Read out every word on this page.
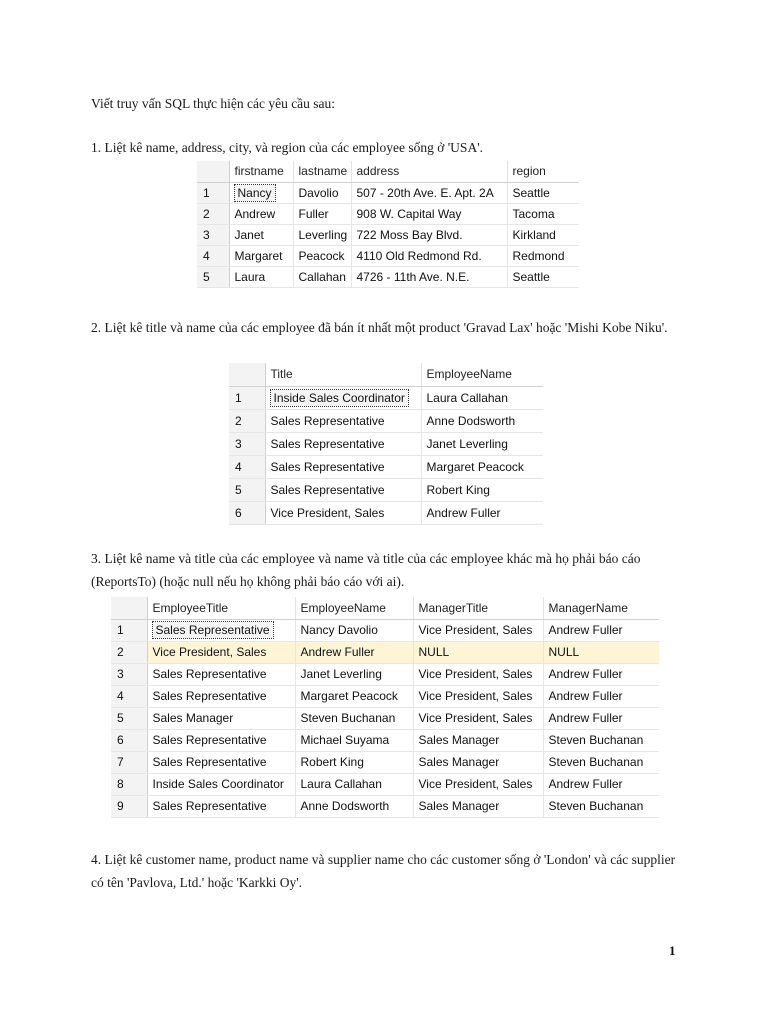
Viết truy vấn SQL thực hiện các yêu cầu sau:
1. Liệt kê name, address, city, và region của các employee sống ở 'USA'.
	firstname	lastname	address	region
1	Nancy	Davolio	507 - 20th Ave. E. Apt. 2A	Seattle
2	Andrew	Fuller	908 W. Capital Way	Tacoma
3	Janet	Leverling	722 Moss Bay Blvd.	Kirkland
4	Margaret	Peacock	4110 Old Redmond Rd.	Redmond
5	Laura	Callahan	4726 - 11th Ave. N.E.	Seattle
2. Liệt kê title và name của các employee đã bán ít nhất một product 'Gravad Lax' hoặc 'Mishi Kobe Niku'.
	Title	EmployeeName
1	Inside Sales Coordinator	Laura Callahan
2	Sales Representative	Anne Dodsworth
3	Sales Representative	Janet Leverling
4	Sales Representative	Margaret Peacock
5	Sales Representative	Robert King
6	Vice President, Sales	Andrew Fuller
3. Liệt kê name và title của các employee và name và title của các employee khác mà họ phải báo cáo (ReportsTo) (hoặc null nếu họ không phải báo cáo với ai).
	EmployeeTitle	EmployeeName	ManagerTitle	ManagerName
1	Sales Representative	Nancy Davolio	Vice President, Sales	Andrew Fuller
2	Vice President, Sales	Andrew Fuller	NULL	NULL
3	Sales Representative	Janet Leverling	Vice President, Sales	Andrew Fuller
4	Sales Representative	Margaret Peacock	Vice President, Sales	Andrew Fuller
5	Sales Manager	Steven Buchanan	Vice President, Sales	Andrew Fuller
6	Sales Representative	Michael Suyama	Sales Manager	Steven Buchanan
7	Sales Representative	Robert King	Sales Manager	Steven Buchanan
8	Inside Sales Coordinator	Laura Callahan	Vice President, Sales	Andrew Fuller
9	Sales Representative	Anne Dodsworth	Sales Manager	Steven Buchanan
4. Liệt kê customer name, product name và supplier name cho các customer sống ở 'London' và các supplier có tên 'Pavlova, Ltd.' hoặc 'Karkki Oy'.
1
